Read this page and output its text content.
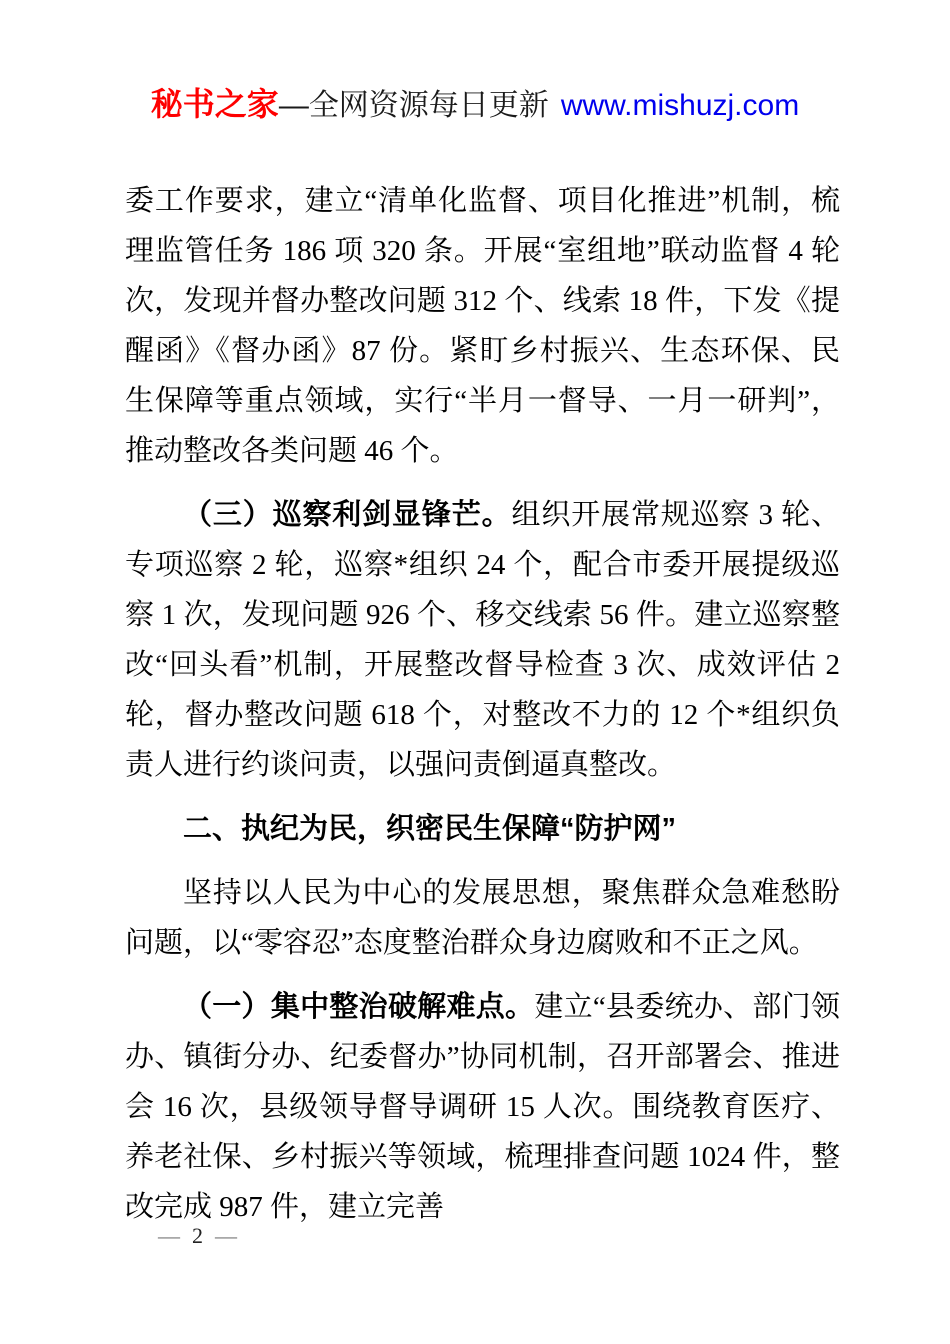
秘书之家—全网资源每日更新 www.mishuzj.com

委工作要求，建立“清单化监督、项目化推进”机制，梳理监管任务 186 项 320 条。开展“室组地”联动监督 4 轮次，发现并督办整改问题 312 个、线索 18 件，下发《提醒函》《督办函》87 份。紧盯乡村振兴、生态环保、民生保障等重点领域，实行“半月一督导、一月一研判”，推动整改各类问题 46 个。

（三）巡察利剑显锋芒。组织开展常规巡察 3 轮、专项巡察 2 轮，巡察*组织 24 个，配合市委开展提级巡察 1 次，发现问题 926 个、移交线索 56 件。建立巡察整改“回头看”机制，开展整改督导检查 3 次、成效评估 2 轮，督办整改问题 618 个，对整改不力的 12 个*组织负责人进行约谈问责，以强问责倒逼真整改。

二、执纪为民，织密民生保障“防护网”

坚持以人民为中心的发展思想，聚焦群众急难愁盼问题，以“零容忍”态度整治群众身边腐败和不正之风。

（一）集中整治破解难点。建立“县委统办、部门领办、镇街分办、纪委督办”协同机制，召开部署会、推进会 16 次，县级领导督导调研 15 人次。围绕教育医疗、养老社保、乡村振兴等领域，梳理排查问题 1024 件，整改完成 987 件，建立完善

— 2 —
